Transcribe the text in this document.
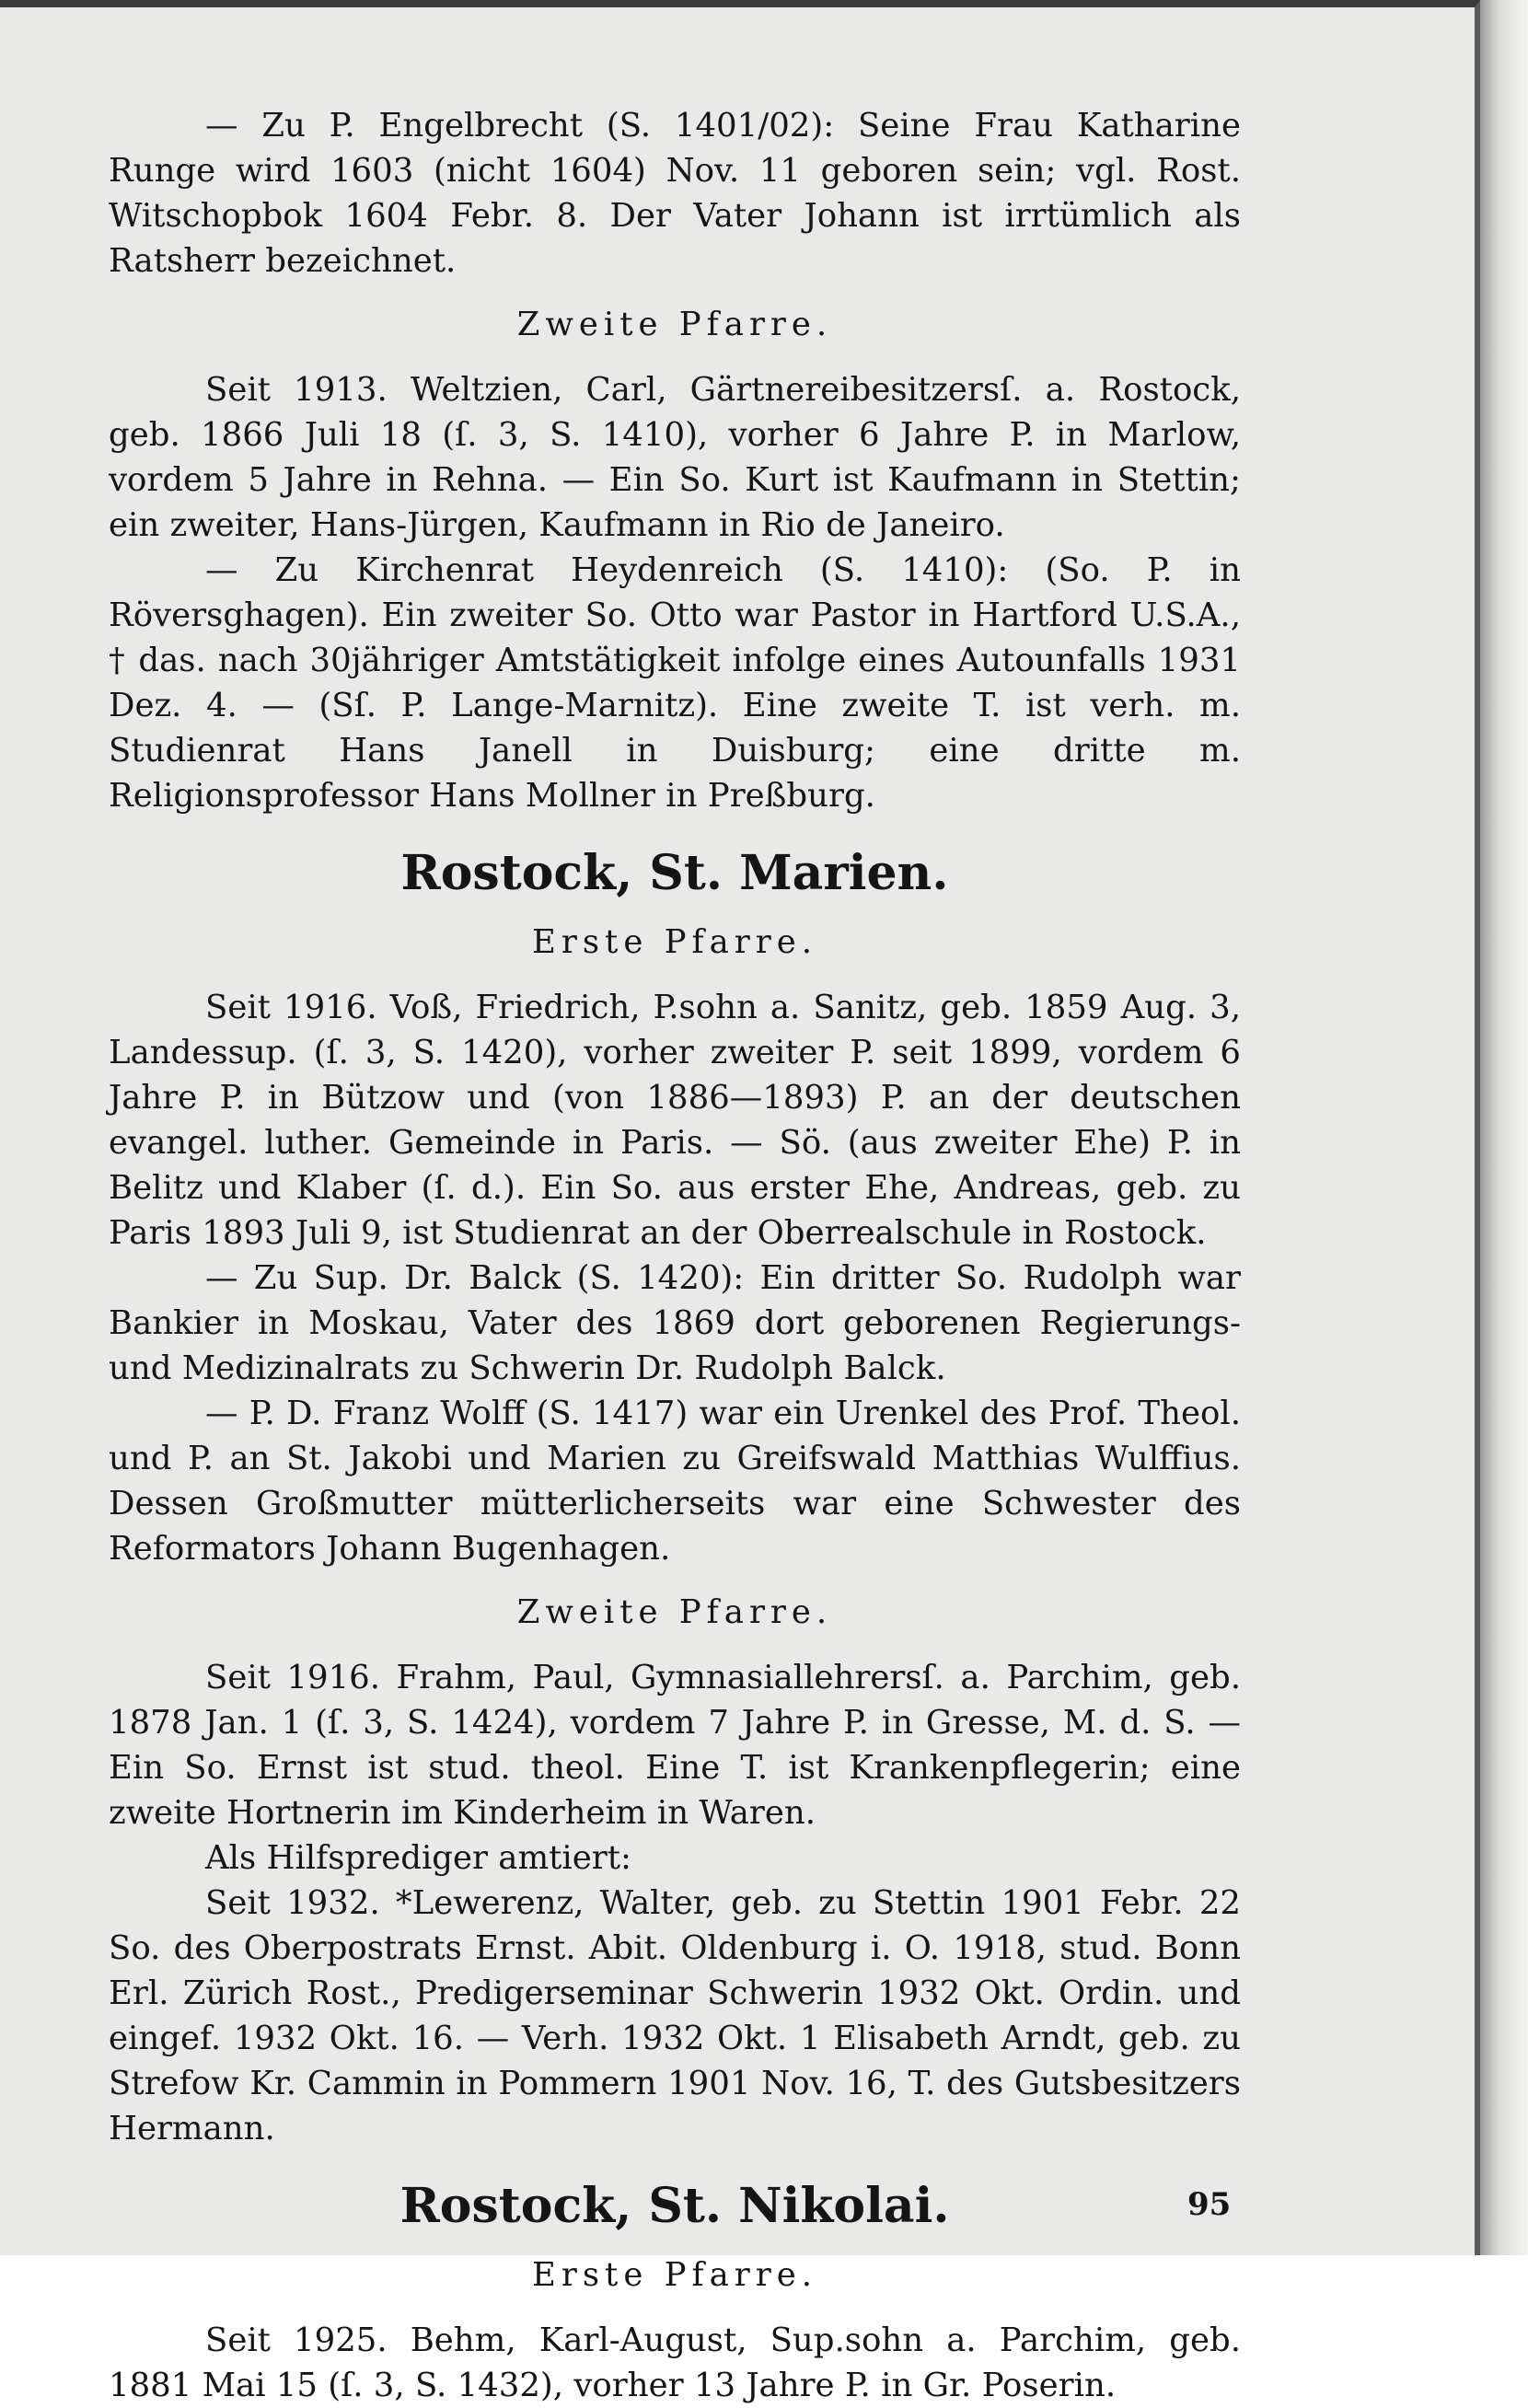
— Zu P. Engelbrecht (S. 1401/02): Seine Frau Katharine Runge wird 1603 (nicht 1604) Nov. 11 geboren sein; vgl. Rost. Witschopbok 1604 Febr. 8. Der Vater Johann ist irrtümlich als Ratsherr bezeichnet.

Zweite Pfarre.

Seit 1913. Weltzien, Carl, Gärtnereibesitzersſ. a. Rostock, geb. 1866 Juli 18 (ſ. 3, S. 1410), vorher 6 Jahre P. in Marlow, vordem 5 Jahre in Rehna. — Ein So. Kurt ist Kaufmann in Stettin; ein zweiter, Hans-Jürgen, Kaufmann in Rio de Janeiro.

— Zu Kirchenrat Heydenreich (S. 1410): (So. P. in Röversghagen). Ein zweiter So. Otto war Pastor in Hartford U.S.A., † das. nach 30jähriger Amtstätigkeit infolge eines Autounfalls 1931 Dez. 4. — (Sſ. P. Lange-Marnitz). Eine zweite T. ist verh. m. Studienrat Hans Janell in Duisburg; eine dritte m. Religionsprofessor Hans Mollner in Preßburg.

Rostock, St. Marien.
Erste Pfarre.

Seit 1916. Voß, Friedrich, P.sohn a. Sanitz, geb. 1859 Aug. 3, Landessup. (ſ. 3, S. 1420), vorher zweiter P. seit 1899, vordem 6 Jahre P. in Bützow und (von 1886—1893) P. an der deutschen evangel. luther. Gemeinde in Paris. — Sö. (aus zweiter Ehe) P. in Belitz und Klaber (ſ. d.). Ein So. aus erster Ehe, Andreas, geb. zu Paris 1893 Juli 9, ist Studienrat an der Oberrealschule in Rostock.

— Zu Sup. Dr. Balck (S. 1420): Ein dritter So. Rudolph war Bankier in Moskau, Vater des 1869 dort geborenen Regierungs- und Medizinalrats zu Schwerin Dr. Rudolph Balck.

— P. D. Franz Wolff (S. 1417) war ein Urenkel des Prof. Theol. und P. an St. Jakobi und Marien zu Greifswald Matthias Wulffius. Dessen Großmutter mütterlicherseits war eine Schwester des Reformators Johann Bugenhagen.

Zweite Pfarre.

Seit 1916. Frahm, Paul, Gymnasiallehrersſ. a. Parchim, geb. 1878 Jan. 1 (ſ. 3, S. 1424), vordem 7 Jahre P. in Gresse, M. d. S. — Ein So. Ernst ist stud. theol. Eine T. ist Krankenpflegerin; eine zweite Hortnerin im Kinderheim in Waren.

Als Hilfsprediger amtiert:

Seit 1932. *Lewerenz, Walter, geb. zu Stettin 1901 Febr. 22 So. des Oberpostrats Ernst. Abit. Oldenburg i. O. 1918, stud. Bonn Erl. Zürich Rost., Predigerseminar Schwerin 1932 Okt. Ordin. und eingef. 1932 Okt. 16. — Verh. 1932 Okt. 1 Elisabeth Arndt, geb. zu Strefow Kr. Cammin in Pommern 1901 Nov. 16, T. des Gutsbesitzers Hermann.

Rostock, St. Nikolai.
Erste Pfarre.

Seit 1925. Behm, Karl-August, Sup.sohn a. Parchim, geb. 1881 Mai 15 (ſ. 3, S. 1432), vorher 13 Jahre P. in Gr. Poserin.

95
